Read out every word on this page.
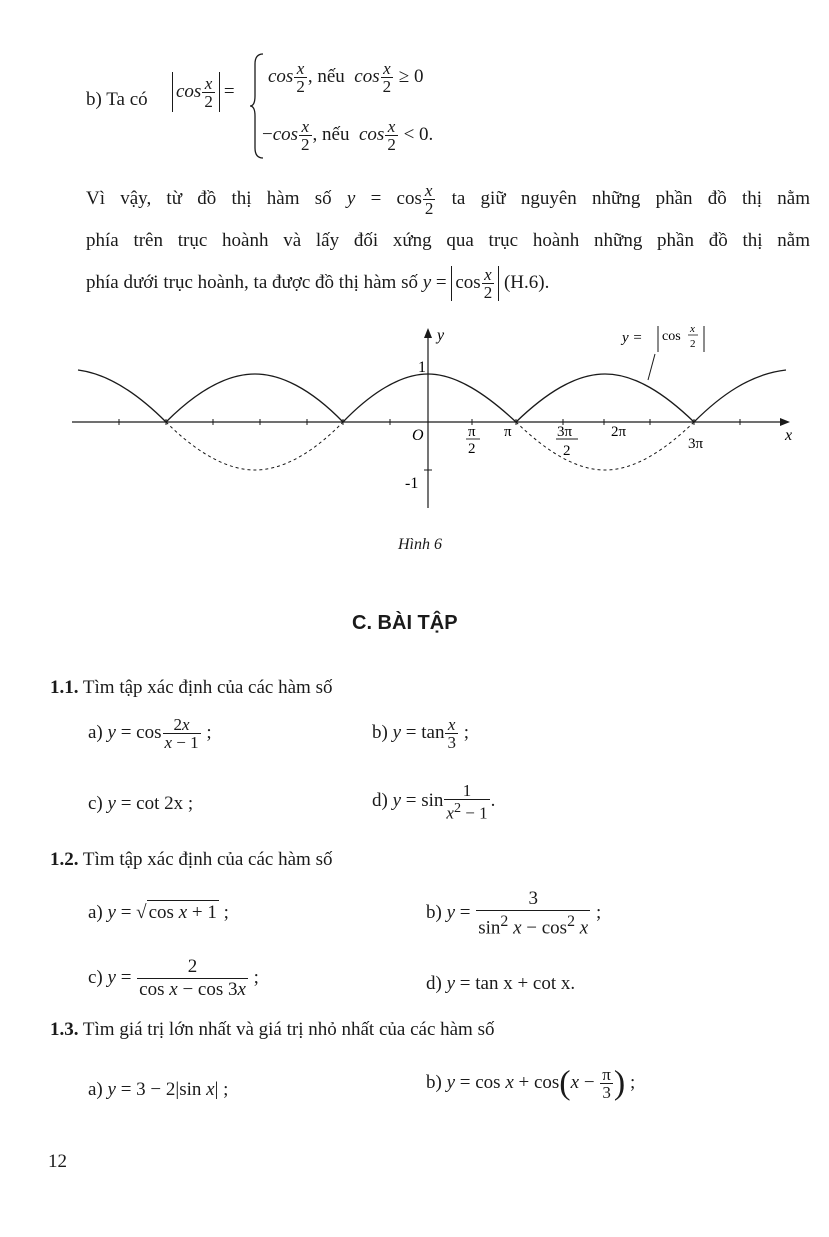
b) Ta có $\cos \frac{x}{2}$ =
$\cos \frac{x}{2}$ , nếu $\cos \frac{x}{2} \ge 0$
$-\cos \frac{x}{2}$ , nếu $\cos \frac{x}{2} < 0$.
Vì vậy, từ đồ thị hàm số $y = \cos \frac{x}{2}$ ta giữ nguyên những phần đồ thị nằm
phía trên trục hoành và lấy đối xứng qua trục hoành những phần đồ thị nằm
phía dưới trục hoành, ta được đồ thị hàm số $y = \cos \frac{x}{2} (H.6)$.
y
x
1
-1
O	π
2
π	3π
2
2π
3π
y = cos x
2
Hình 6
C. BÀI TẬP
1.1. Tìm tập xác định của các hàm số
a) $y = \cos \frac{2x}{x - 1}$ ;	b) $y = \tan \frac{x}{3}$ ;
c) y = cot 2x ;	d) $y = \sin \frac{1}{x^2 - 1}$ .
1.2. Tìm tập xác định của các hàm số
a) y = √ cos x + 1 ;	b) $y = \frac{3}{\sin^2 x - \cos^2 x}$ ;
c) $y = \frac{2}{\text{cos x − cos 3x}}$ ;	d) y = tan x + cot x.
1.3. Tìm giá trị lớn nhất và giá trị nhỏ nhất của các hàm số
a) y = 3 − 2|sin x| ;	b) $y = \cos x + \cos(x - \frac{\pi}{3}$ ) ;
12
